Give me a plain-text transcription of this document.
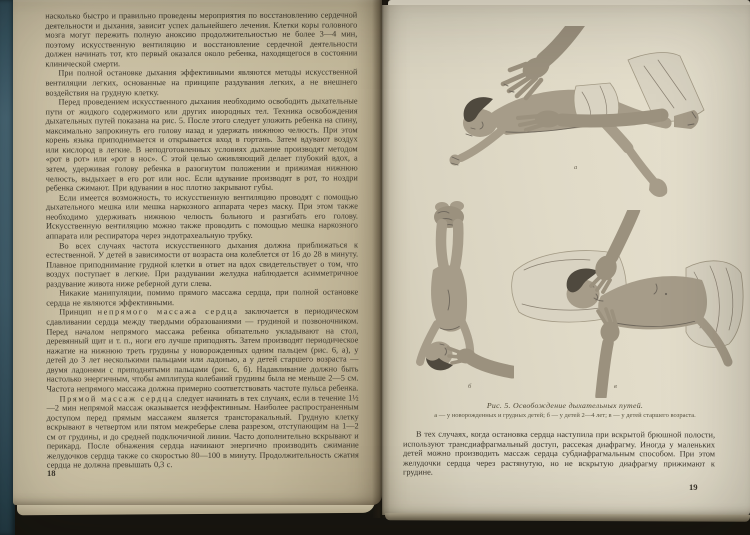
насколько быстро и правильно проведены мероприятия по восстановлению сердечной деятельности и дыхания, зависит успех дальнейшего лечения. Клетки коры головного мозга могут пережить полную аноксию продолжительностью не более 3—4 мин, поэтому искусственную вентиляцию и восстановление сердечной деятельности должен начинать тот, кто первый оказался около ребенка, находящегося в состоянии клинической смерти.

При полной остановке дыхания эффективными являются методы искусственной вентиляции легких, основанные на принципе раздувания легких, а не внешнего воздействия на грудную клетку.

Перед проведением искусственного дыхания необходимо освободить дыхательные пути от жидкого содержимого или других инородных тел. Техника освобождения дыхательных путей показана на рис. 5. После этого следует уложить ребенка на спину, максимально запрокинуть его голову назад и удержать нижнюю челюсть. При этом корень языка приподнимается и открывается вход в гортань. Затем вдувают воздух или кислород в легкие. В неподготовленных условиях дыхание производят методом «рот в рот» или «рот в нос». С этой целью оживляющий делает глубокий вдох, а затем, удерживая голову ребенка в разогнутом положении и прижимая нижнюю челюсть, выдыхает в его рот или нос. Если вдувание производят в рот, то ноздри ребенка сжимают. При вдувании в нос плотно закрывают губы.

Если имеется возможность, то искусственную вентиляцию проводят с помощью дыхательного мешка или мешка наркозного аппарата через маску. При этом также необходимо удерживать нижнюю челюсть больного и разгибать его голову. Искусственную вентиляцию можно также проводить с помощью мешка наркозного аппарата или респиратора через эндотрахеальную трубку.

Во всех случаях частота искусственного дыхания должна приближаться к естественной. У детей в зависимости от возраста она колеблется от 16 до 28 в минуту. Плавное приподнимание грудной клетки в ответ на вдох свидетельствует о том, что воздух поступает в легкие. При раздувании желудка наблюдается асимметричное раздувание живота ниже реберной дуги слева.

Никакие манипуляции, помимо прямого массажа сердца, при полной остановке сердца не являются эффективными.

Принцип непрямого массажа сердца заключается в периодическом сдавливании сердца между твердыми образованиями — грудиной и позвоночником. Перед началом непрямого массажа ребенка обязательно укладывают на стол, деревянный щит и т. п., ноги его лучше приподнять. Затем производят периодическое нажатие на нижнюю треть грудины у новорожденных одним пальцем (рис. 6, а), у детей до 3 лет несколькими пальцами или ладонью, а у детей старшего возраста — двумя ладонями с приподнятыми пальцами (рис. 6, б). Надавливание должно быть настолько энергичным, чтобы амплитуда колебаний грудины была не меньше 2—5 см. Частота непрямого массажа должна примерно соответствовать частоте пульса ребенка.

Прямой массаж сердца следует начинать в тех случаях, если в течение 1½—2 мин непрямой массаж оказывается неэффективным. Наиболее распространенным доступом перед прямым массажем является трансторакальный. Грудную клетку вскрывают в четвертом или пятом межреберье слева разрезом, отступающим на 1—2 см от грудины, и до средней подключичной линии. Часто дополнительно вскрывают и перикард. После обнажения сердца начинают энергично производить сжимание желудочков сердца также со скоростью 80—100 в минуту. Продолжительность сжатия сердца не должна превышать 0,3 с.

18
а
б	в
Рис. 5. Освобождение дыхательных путей.
а — у новорожденных и грудных детей; б — у детей 2—4 лет; в — у детей старшего возраста.

В тех случаях, когда остановка сердца наступила при вскрытой брюшной полости, используют трансдиафрагмальный доступ, рассекая диафрагму. Иногда у маленьких детей можно производить массаж сердца субдиафрагмальным способом. При этом желудочки сердца через растянутую, но не вскрытую диафрагму прижимают к грудине.

19
